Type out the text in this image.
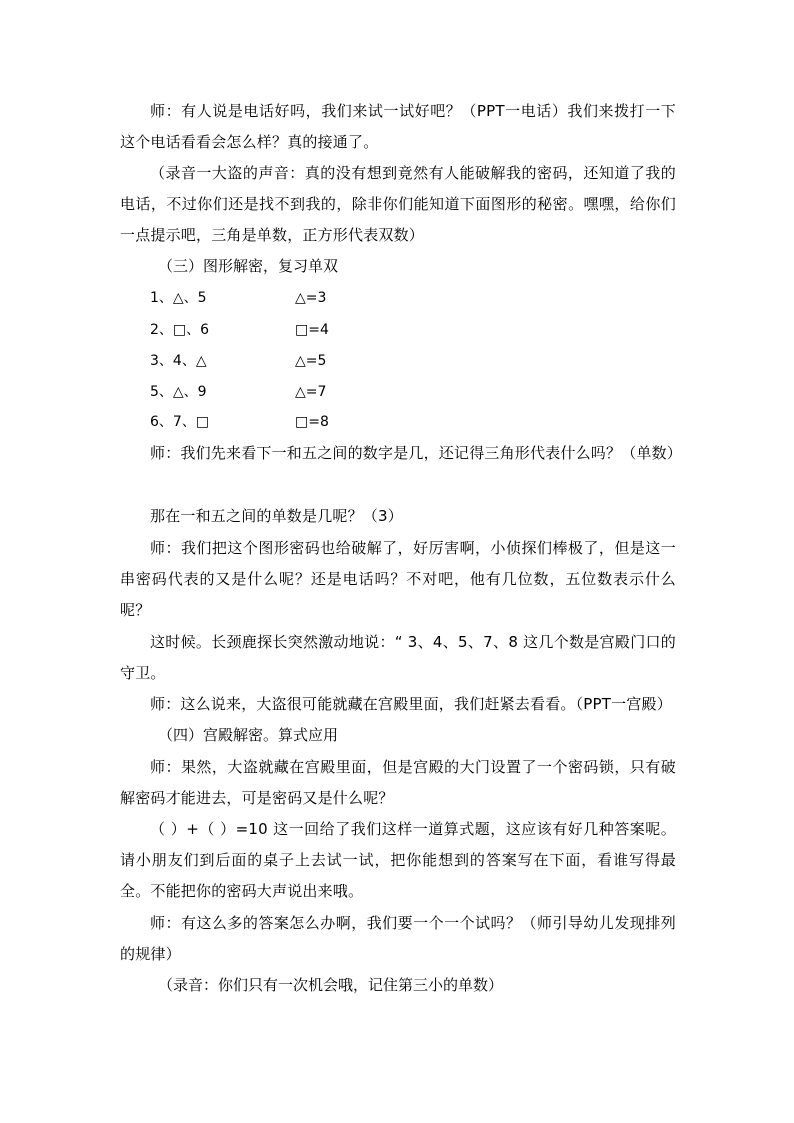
师：有人说是电话好吗，我们来试一试好吧？（PPT一电话）我们来拨打一下这个电话看看会怎么样？真的接通了。

（录音一大盗的声音：真的没有想到竟然有人能破解我的密码，还知道了我的电话，不过你们还是找不到我的，除非你们能知道下面图形的秘密。嘿嘿，给你们一点提示吧，三角是单数，正方形代表双数）

（三）图形解密，复习单双

1、△、5	△=3
2、□、6	□=4
3、4、△	△=5
5、△、9	△=7
6、7、□	□=8

师：我们先来看下一和五之间的数字是几，还记得三角形代表什么吗？（单数）

那在一和五之间的单数是几呢？（3）

师：我们把这个图形密码也给破解了，好厉害啊，小侦探们棒极了，但是这一串密码代表的又是什么呢？还是电话吗？不对吧，他有几位数，五位数表示什么呢？

这时候。长颈鹿探长突然激动地说：“ 3、4、5、7、8 这几个数是宫殿门口的守卫。

师：这么说来，大盗很可能就藏在宫殿里面，我们赶紧去看看。（PPT一宫殿）

（四）宫殿解密。算式应用

师：果然，大盗就藏在宫殿里面，但是宫殿的大门设置了一个密码锁，只有破解密码才能进去，可是密码又是什么呢？

（ ）+（ ）=10 这一回给了我们这样一道算式题，这应该有好几种答案呢。请小朋友们到后面的桌子上去试一试，把你能想到的答案写在下面，看谁写得最全。不能把你的密码大声说出来哦。

师：有这么多的答案怎么办啊，我们要一个一个试吗？（师引导幼儿发现排列的规律）

（录音：你们只有一次机会哦，记住第三小的单数）
